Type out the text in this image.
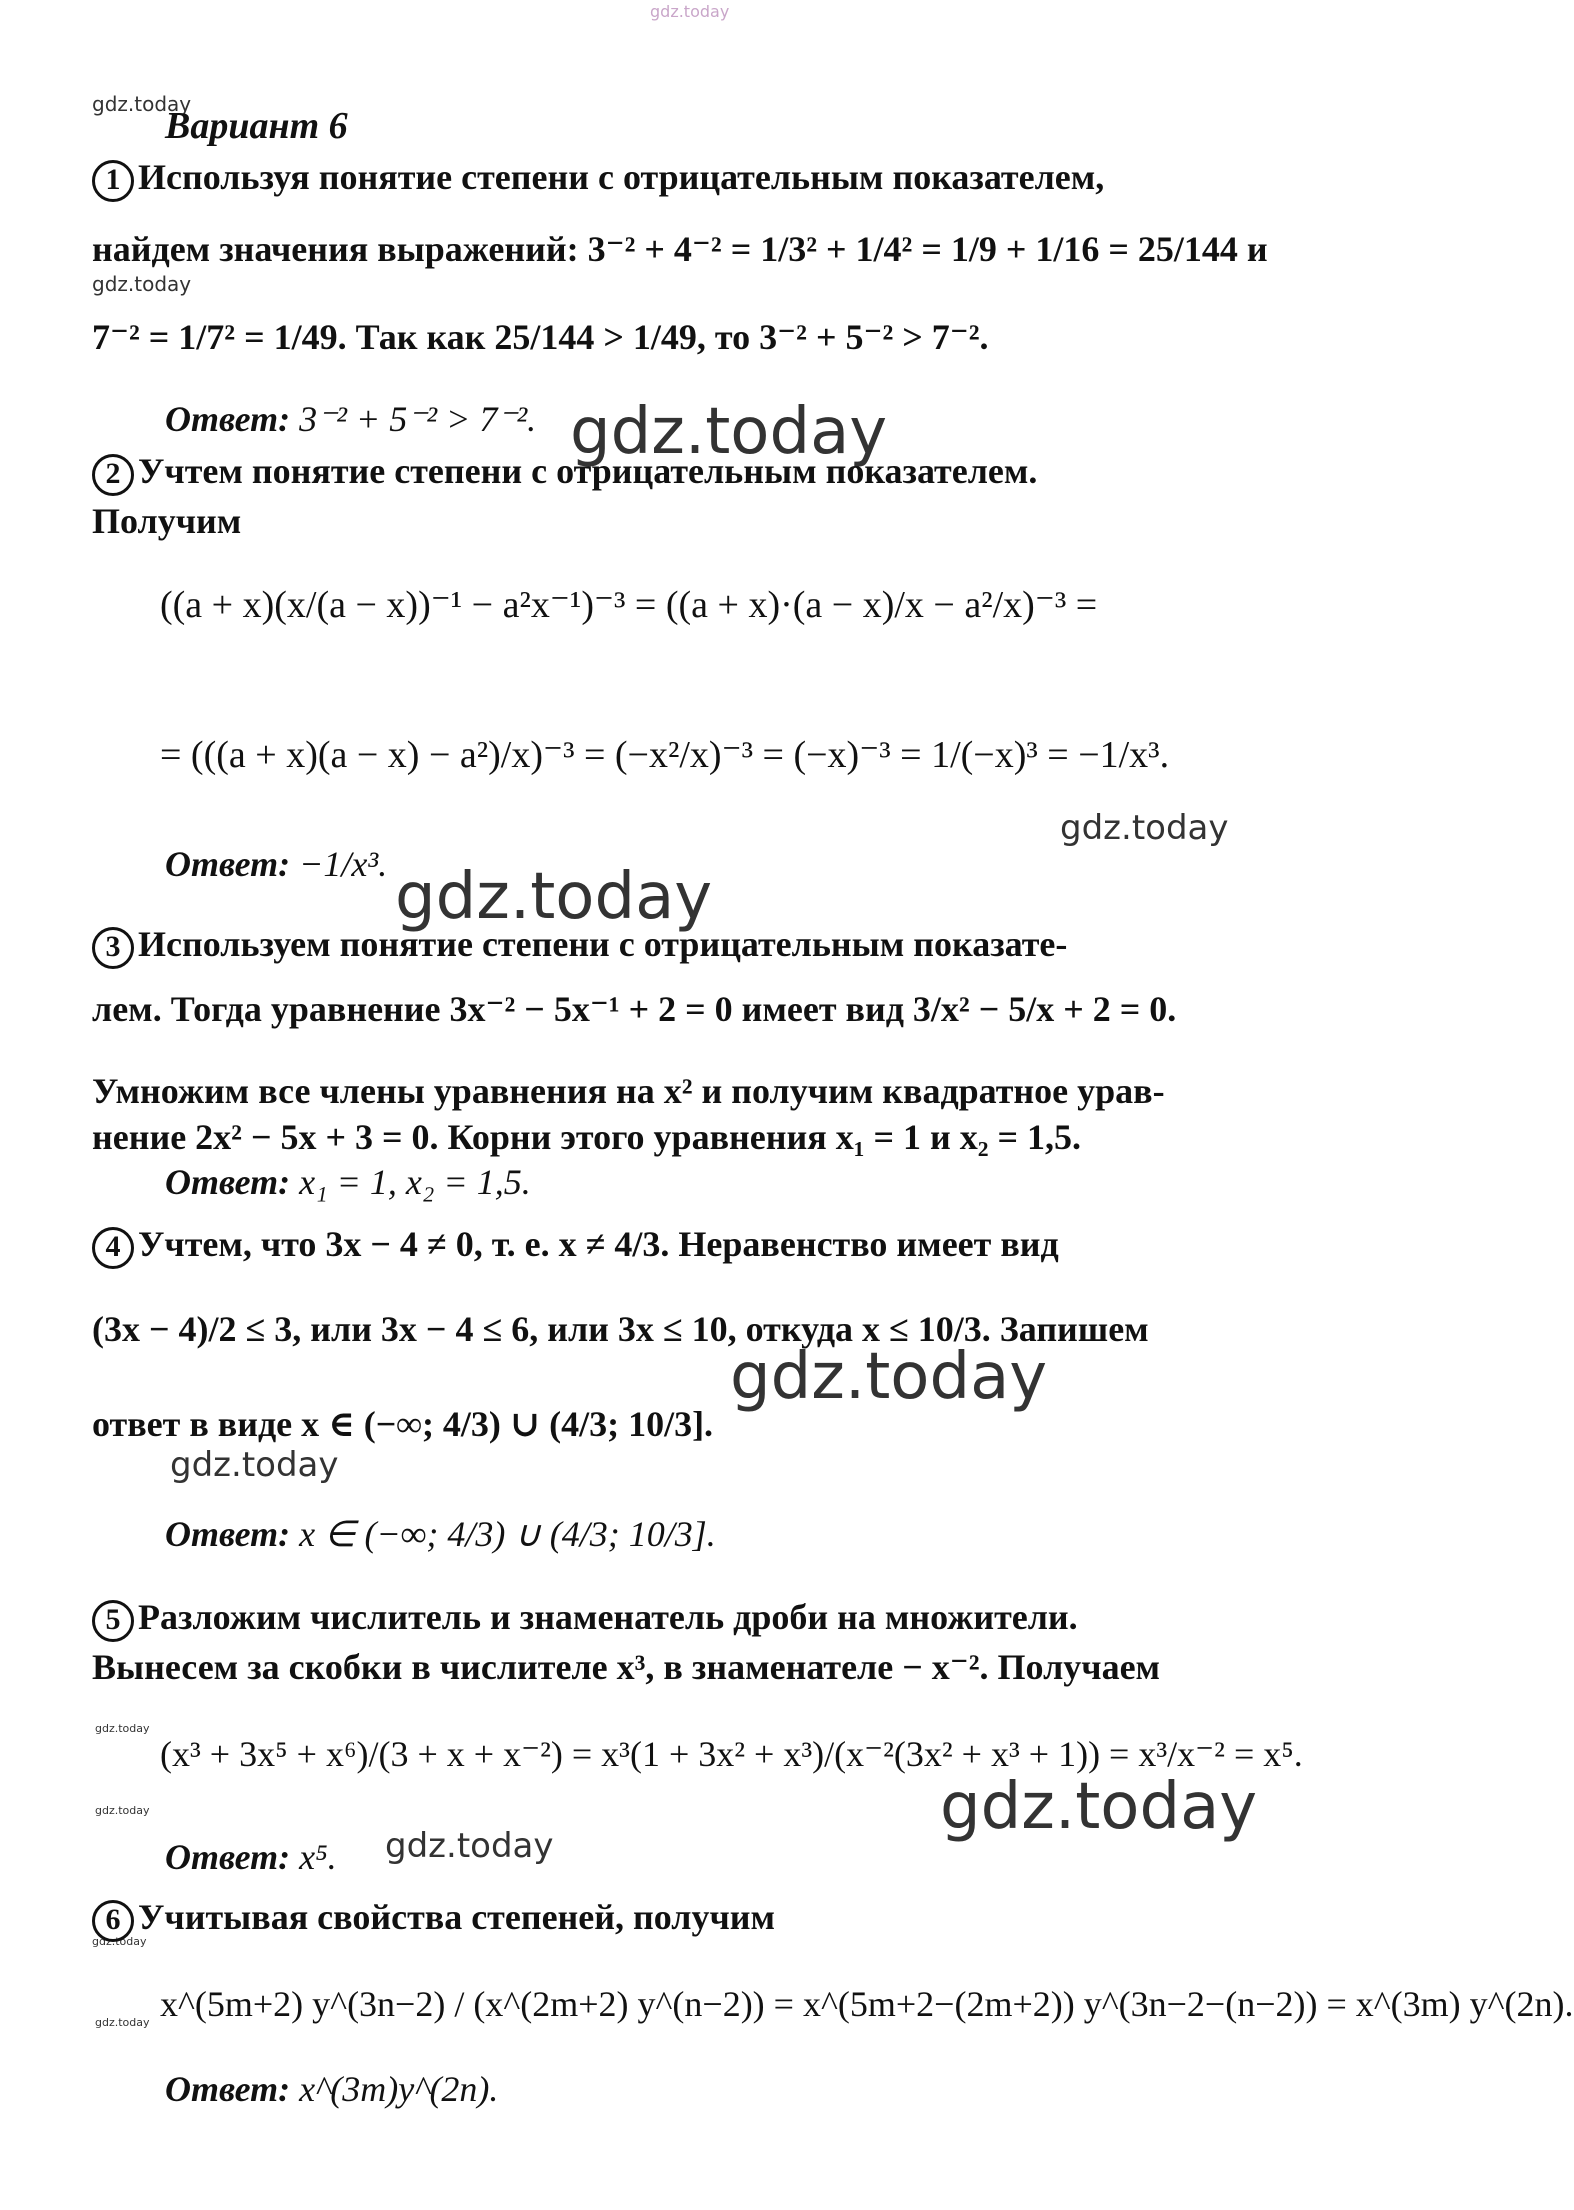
gdz.today
gdz.today
gdz.today
gdz.today
gdz.today
gdz.today
gdz.today
gdz.today
gdz.today
gdz.today	gdz.today
gdz.today
gdz.today
gdz.today
Вариант 6
1 Используя понятие степени с отрицательным показателем,
найдем значения выражений: 3⁻² + 4⁻² = 1/3² + 1/4² = 1/9 + 1/16 = 25/144 и
7⁻² = 1/7² = 1/49. Так как 25/144 > 1/49, то 3⁻² + 5⁻² > 7⁻².
Ответ: 3⁻² + 5⁻² > 7⁻².
2 Учтем понятие степени с отрицательным показателем.
Получим
((a + x)(x/(a − x))⁻¹ − a²x⁻¹)⁻³ = ((a + x)·(a − x)/x − a²/x)⁻³ =
= (((a + x)(a − x) − a²)/x)⁻³ = (−x²/x)⁻³ = (−x)⁻³ = 1/(−x)³ = −1/x³.
Ответ: −1/x³.
3 Используем понятие степени с отрицательным показате-
лем. Тогда уравнение 3x⁻² − 5x⁻¹ + 2 = 0 имеет вид 3/x² − 5/x + 2 = 0.
Умножим все члены уравнения на x² и получим квадратное урав-
нение 2x² − 5x + 3 = 0. Корни этого уравнения x₁ = 1 и x₂ = 1,5.
Ответ: x₁ = 1, x₂ = 1,5.
4 Учтем, что 3x − 4 ≠ 0, т. е. x ≠ 4/3. Неравенство имеет вид
(3x − 4)/2 ≤ 3, или 3x − 4 ≤ 6, или 3x ≤ 10, откуда x ≤ 10/3. Запишем
ответ в виде x ∈ (−∞; 4/3) ∪ (4/3; 10/3].
Ответ: x ∈ (−∞; 4/3) ∪ (4/3; 10/3].
5 Разложим числитель и знаменатель дроби на множители.
Вынесем за скобки в числителе x³, в знаменателе − x⁻². Получаем
(x³ + 3x⁵ + x⁶)/(3 + x + x⁻²) = x³(1 + 3x² + x³)/(x⁻²(3x² + x³ + 1)) = x³/x⁻² = x⁵.
Ответ: x⁵.
6 Учитывая свойства степеней, получим
x^(5m+2) y^(3n−2) / (x^(2m+2) y^(n−2)) = x^(5m+2−(2m+2)) y^(3n−2−(n−2)) = x^(3m) y^(2n).
Ответ: x^(3m)y^(2n).
